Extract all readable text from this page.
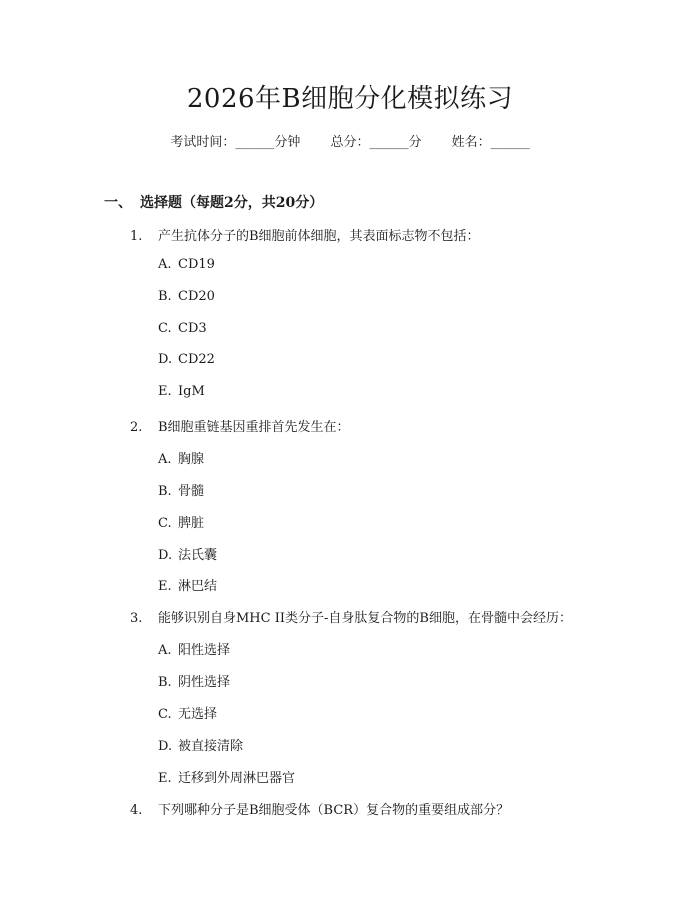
2026年B细胞分化模拟练习
考试时间：______分钟 总分：______分 姓名：______
一、 选择题（每题2分，共20分）
1. 产生抗体分子的B细胞前体细胞，其表面标志物不包括：
A. CD19
B. CD20
C. CD3
D. CD22
E. IgM
2. B细胞重链基因重排首先发生在：
A. 胸腺
B. 骨髓
C. 脾脏
D. 法氏囊
E. 淋巴结
3. 能够识别自身MHC II类分子-自身肽复合物的B细胞，在骨髓中会经历：
A. 阳性选择
B. 阴性选择
C. 无选择
D. 被直接清除
E. 迁移到外周淋巴器官
4. 下列哪种分子是B细胞受体（BCR）复合物的重要组成部分？
